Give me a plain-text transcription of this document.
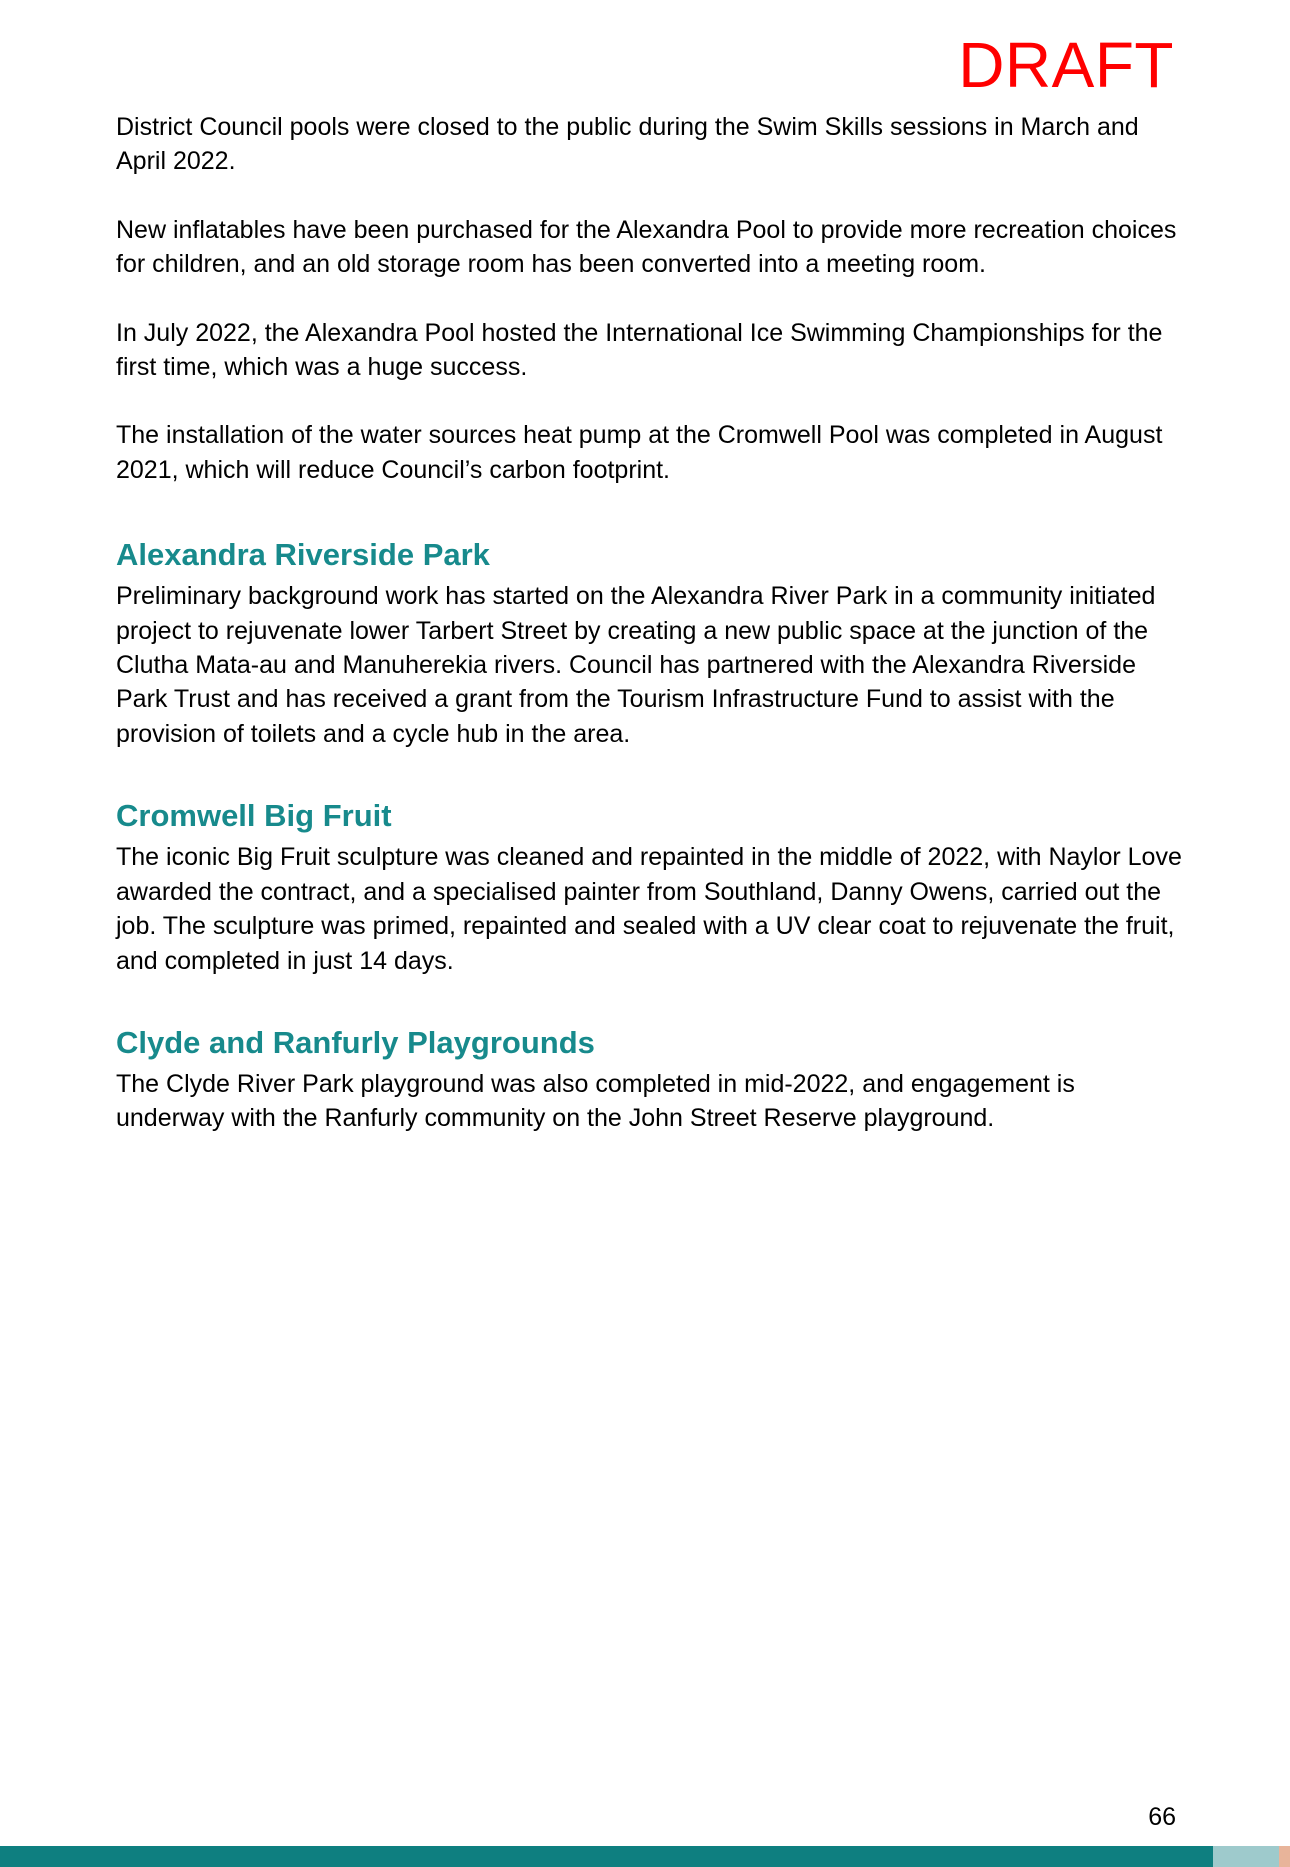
DRAFT

District Council pools were closed to the public during the Swim Skills sessions in March and April 2022.

New inflatables have been purchased for the Alexandra Pool to provide more recreation choices for children, and an old storage room has been converted into a meeting room.

In July 2022, the Alexandra Pool hosted the International Ice Swimming Championships for the first time, which was a huge success.

The installation of the water sources heat pump at the Cromwell Pool was completed in August 2021, which will reduce Council’s carbon footprint.

Alexandra Riverside Park

Preliminary background work has started on the Alexandra River Park in a community initiated project to rejuvenate lower Tarbert Street by creating a new public space at the junction of the Clutha Mata-au and Manuherekia rivers. Council has partnered with the Alexandra Riverside Park Trust and has received a grant from the Tourism Infrastructure Fund to assist with the provision of toilets and a cycle hub in the area.

Cromwell Big Fruit

The iconic Big Fruit sculpture was cleaned and repainted in the middle of 2022, with Naylor Love awarded the contract, and a specialised painter from Southland, Danny Owens, carried out the job. The sculpture was primed, repainted and sealed with a UV clear coat to rejuvenate the fruit, and completed in just 14 days.

Clyde and Ranfurly Playgrounds

The Clyde River Park playground was also completed in mid-2022, and engagement is underway with the Ranfurly community on the John Street Reserve playground.

66
